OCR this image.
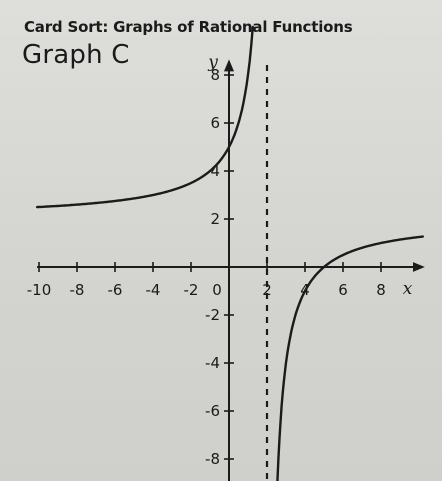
Card Sort: Graphs of Rational Functions
Graph C
-10 -8 -6 -4 -2	2 4 6 8
8
6
4
2
-2
-4
-6
-8
0	x
y
